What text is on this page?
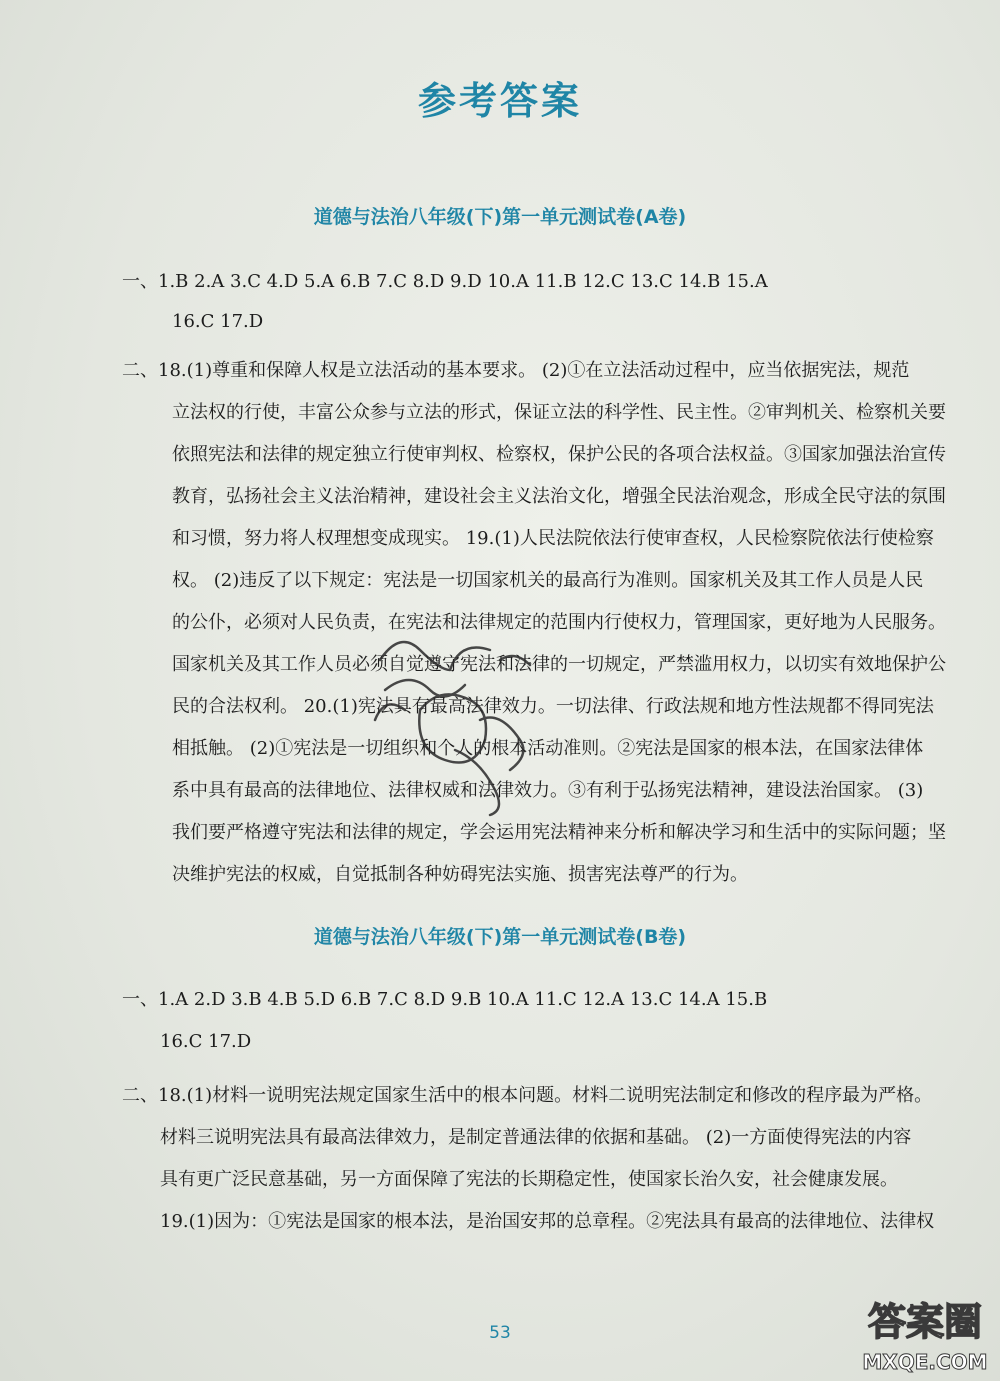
参考答案
道德与法治八年级(下)第一单元测试卷(A卷)
一、1.B 2.A 3.C 4.D 5.A 6.B 7.C 8.D 9.D 10.A 11.B 12.C 13.C 14.B 15.A
16.C 17.D
二、18.(1)尊重和保障人权是立法活动的基本要求。 (2)①在立法活动过程中，应当依据宪法，规范
立法权的行使，丰富公众参与立法的形式，保证立法的科学性、民主性。②审判机关、检察机关要
依照宪法和法律的规定独立行使审判权、检察权，保护公民的各项合法权益。③国家加强法治宣传
教育，弘扬社会主义法治精神，建设社会主义法治文化，增强全民法治观念，形成全民守法的氛围
和习惯，努力将人权理想变成现实。 19.(1)人民法院依法行使审查权，人民检察院依法行使检察
权。 (2)违反了以下规定：宪法是一切国家机关的最高行为准则。国家机关及其工作人员是人民
的公仆，必须对人民负责，在宪法和法律规定的范围内行使权力，管理国家，更好地为人民服务。
国家机关及其工作人员必须自觉遵守宪法和法律的一切规定，严禁滥用权力，以切实有效地保护公
民的合法权利。 20.(1)宪法具有最高法律效力。一切法律、行政法规和地方性法规都不得同宪法
相抵触。 (2)①宪法是一切组织和个人的根本活动准则。②宪法是国家的根本法，在国家法律体
系中具有最高的法律地位、法律权威和法律效力。③有利于弘扬宪法精神，建设法治国家。 (3)
我们要严格遵守宪法和法律的规定，学会运用宪法精神来分析和解决学习和生活中的实际问题；坚
决维护宪法的权威，自觉抵制各种妨碍宪法实施、损害宪法尊严的行为。
道德与法治八年级(下)第一单元测试卷(B卷)
一、1.A 2.D 3.B 4.B 5.D 6.B 7.C 8.D 9.B 10.A 11.C 12.A 13.C 14.A 15.B
16.C 17.D
二、18.(1)材料一说明宪法规定国家生活中的根本问题。材料二说明宪法制定和修改的程序最为严格。
材料三说明宪法具有最高法律效力，是制定普通法律的依据和基础。 (2)一方面使得宪法的内容
具有更广泛民意基础，另一方面保障了宪法的长期稳定性，使国家长治久安，社会健康发展。
19.(1)因为：①宪法是国家的根本法，是治国安邦的总章程。②宪法具有最高的法律地位、法律权
53	答案圈
MXQE.COM
